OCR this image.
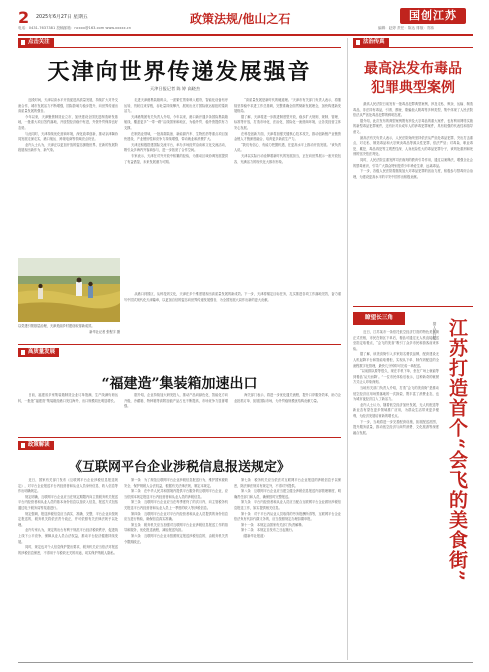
2 2025年6月27日 星期五
电话：0431-7637381 投稿邮箱：ncxxx@163.com www.xxxxx.cn
政策法规/他山之石	国创江苏
编辑：赵婷 责任：陈达 排版：郑伟
点击关注
天津向世界传递发展强音
天津日报记者 陈 婷 高晓杰

　近段时间，天津以高水平开放促进高质量发展，持续扩大对外交流合作，城市发展活力不断增强，国际影响力稳步提升，向世界传递出高质量发展的强音。

今年以来，天津聚焦制造业立市，加快建设全国先进制造研发基地，一批重大项目签约落地，开放型经济稳中有进，外资外贸保持良好态势。

与此同时，天津持续优化营商环境，深化改革创新，推动京津冀协同发展走深走实，港口航运、跨境电商等领域亮点纷呈。

业内人士认为，天津正以更加开放的姿态拥抱世界，在新的发展阶段展现出新作为、新气象。

　走进天津港集装箱码头，一派繁忙景象映入眼帘，智能化设备有序运转，货轮往来穿梭，吞吐量持续攀升，展现出北方国际航运枢纽的蓬勃活力。

天津港集团有关负责人介绍，今年以来，港口新开通多条国际集装箱航线，覆盖更多“一带一路”沿线国家和地区，为稳外贸、稳外资提供有力支撑。

在制造业领域，一批高端装备、新能源汽车、生物医药等重点项目加快建设，产业链韧性和竞争力持续增强，带动就业和消费扩大。

天津还积极搭建国际交流平台，举办多场经贸洽谈和文化交流活动，吸引众多海内外客商参与，进一步拓宽了合作空间。

专家表示，天津在对外开放中积累的经验，为推动区域协调发展提供了有益借鉴，未来发展潜力可期。

　“高质量发展是新时代的硬道理。”天津市有关部门负责人表示，将继续坚持稳中求进工作总基调，完整准确全面贯彻新发展理念，加快构建新发展格局。

据了解，天津将进一步推进制度型开放，稳步扩大规则、规制、管理、标准等开放，打造市场化、法治化、国际化一流营商环境，让各类经营主体安心发展。

在科技创新方面，天津将加强关键核心技术攻关，推动创新链产业链资金链人才链深度融合，培育更多新质生产力。

“我们有信心、有能力把握机遇，在更高水平上推动开放发展。”该负责人说。

天津以实际行动诠释着新时代的发展担当，正在向世界展示一座开放包容、充满活力的现代化大都市形象。

以党建引领基层治理，天津美丽乡村建设取得新成效。
新华社记者 张程宇 摄

　从港口到园区，从科技到文化，天津在多个维度展现出高质量发展的新成效。下一步，天津将锚定目标任务，扎实推进各项工作落地见效，奋力谱写中国式现代化天津篇章，以更加自信的姿态向世界传递发展强音，为全国发展大局作出新的更大贡献。

高质量发展
“福建造”集装箱加速出口

　日前，福建省多家集装箱制造企业订单饱满，生产线满负荷运转，一批批“福建造”集装箱经港口发往海外，出口规模同比明显增长。

　据介绍，企业持续加大研发投入，推动产品向绿色化、智能化方向升级，冷藏箱、特种箱等高附加值产品占比不断提高，市场竞争力显著增强。

　海关部门表示，将进一步优化通关流程，提升口岸服务效率，助力企业抢抓订单、拓展国际市场，为外贸稳规模优结构贡献力量。

政策解读
《互联网平台企业涉税信息报送规定》

　近日，国家有关部门发布《互联网平台企业涉税信息报送规定》，对平台企业报送平台内经营者和从业人员身份信息、收入信息等作出明确规定。

规定明确，互联网平台企业应当在规定期限内向主管税务机关报送平台内经营者和从业人员的基本身份信息以及收入信息，报送方式包括通过电子税务局等渠道进行。

规定强调，报送涉税信息应当真实、准确、完整，平台企业未按规定报送的，税务机关将依法责令改正，并可依照有关法律法规予以处理。

业内专家认为，规定的出台有利于规范平台经济税收秩序，促进线上线下公平竞争，保障从业人员合法权益，推动平台经济健康持续发展。

同时，规定也对个人信息保护提出要求，税务机关应当依法对报送的涉税信息保密，不得用于与税收无关的用途，切实保护纳税人隐私。

第一条　为了规范互联网平台企业涉税信息报送行为，维护国家税收安全，保护纳税人合法权益，根据有关法律法规，制定本规定。

第二条　在中华人民共和国境内提供平台服务的互联网平台企业，应当依照本规定报送平台内经营者和从业人员的涉税信息。

第三条　互联网平台企业应当在每季度终了的次月内，向主管税务机关报送平台内经营者和从业人员上一季度的收入等涉税信息。

第四条　互联网平台企业对平台内经营者和从业人员提供的身份信息应当进行核验，确保信息真实准确。

第五条　税务机关应当加强对互联网平台企业涉税信息报送工作的指导和服务，优化报送流程，减轻报送负担。

第六条　互联网平台企业未按照规定报送涉税信息的，由税务机关责令限期改正。

第七条　税务机关应当依法对互联网平台企业报送的涉税信息予以保密，除法律法规另有规定外，不得对外提供。

第八条　互联网平台企业应当建立健全涉税信息报送内部管理制度，明确责任部门和人员，确保按时完整报送。

第九条　平台内经营者和从业人员应当配合互联网平台企业做好涉税信息报送工作，如实提供相关信息。

第十条　对于平台内从业人员取得的劳务报酬所得等，互联网平台企业依法负有代扣代缴义务的，应当按照规定办理扣缴申报。

第十一条　本规定由国家有关部门负责解释。

第十二条　本规定自发布之日起施行。

（据新华社报道）

法治传真
最高法发布毒品
犯罪典型案例

　最高人民法院日前发布一批毒品犯罪典型案例，涉及走私、贩卖、运输、制造毒品，非法持有毒品，引诱、教唆、欺骗他人吸毒等多种类型，集中体现了人民法院依法从严惩处毒品犯罪的鲜明态度。

据介绍，此次发布的典型案例既有涉及大宗毒品的重大案件，也有利用网络实施的新型毒品犯罪案件，还有针对未成年人的涉毒犯罪案件，具有较强的代表性和指导意义。

最高法有关负责人表示，人民法院始终坚持依法从严惩处毒品犯罪，突出打击重点，对走私、制造毒品和大宗贩卖毒品等源头性犯罪，依法严惩；对毒枭、职业毒犯、累犯、毒品再犯等主观恶性深、人身危险性大的毒品犯罪分子，该判处重刑和死刑的坚决依法判处。

同时，人民法院注重发挥司法裁判的教育引导作用，通过以案释法，增强全社会的禁毒意识，引导广大群众特别是青少年珍爱生命、远离毒品。

下一步，各级人民法院将继续加大对毒品犯罪的惩治力度，积极参与禁毒综合治理，为建设更高水平的平安中国作出积极贡献。

瞭望长三角

　近日，江苏某市一条依托低空经济打造的特色美食街正式亮相，市民在街区下单后，餐品可通过无人机直接配送至指定取餐点，“会飞的美食”吸引了众多市民和游客前来体验。

据了解，该美食街引入多家知名餐饮品牌，配套建设无人机起降平台和智能取餐柜，实现从下单、制作到配送的全流程数字化管理，最快几分钟即可完成一单配送。

“以前排队要等很久，现在手机下单，坐在广场上就能等到餐品‘从天而降’。”一位市民体验后表示，这种新奇的就餐方式让人印象深刻。

当地有关部门负责人介绍，打造“会飞的美食街”是推动低空经济应用场景落地的一次探索，既丰富了消费业态，也为城市夜经济注入了新活力。

业内人士认为，随着低空经济加快发展，无人机配送等新业态有望在更多领域推广应用，为群众生活带来更多便利，为经济发展培育新的增长点。

下一步，当地将进一步完善配套设施，拓展配送范围，提升服务质量，推动低空经济与商贸消费、文化旅游等深度融合发展。	江苏打造首个“会飞的美食街”
据人民日报
